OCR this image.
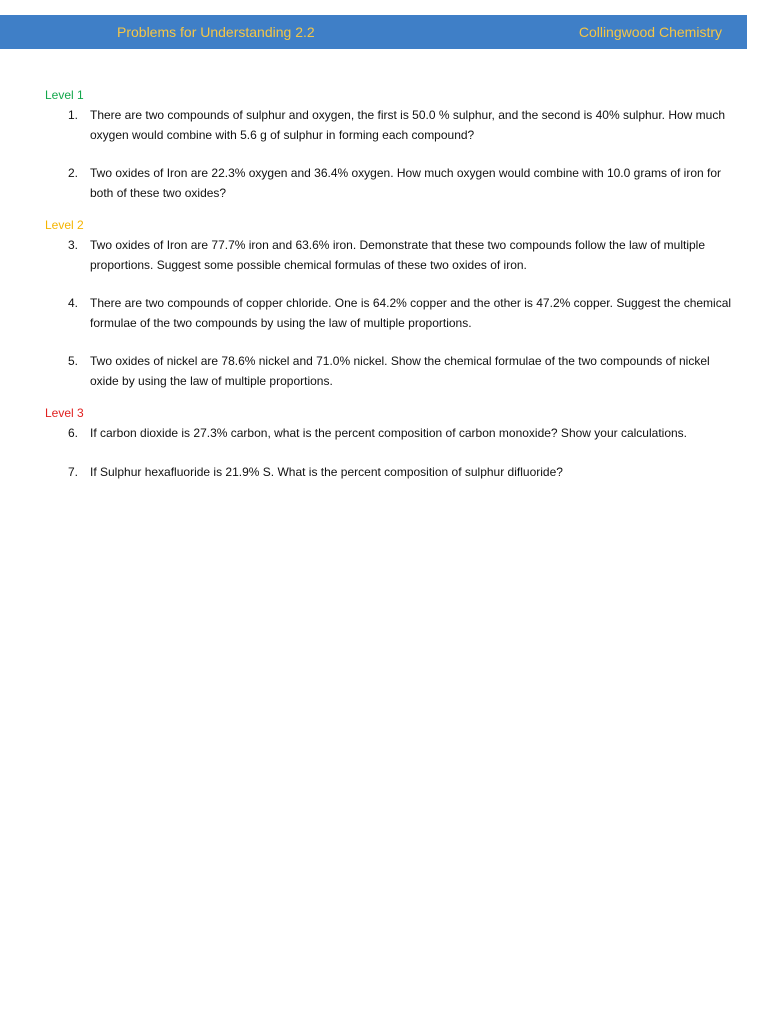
Problems for Understanding 2.2	Collingwood Chemistry

Level 1

1. There are two compounds of sulphur and oxygen, the first is 50.0 % sulphur, and the second is 40% sulphur. How much oxygen would combine with 5.6 g of sulphur in forming each compound?
2. Two oxides of Iron are 22.3% oxygen and 36.4% oxygen. How much oxygen would combine with 10.0 grams of iron for both of these two oxides?

Level 2

3. Two oxides of Iron are 77.7% iron and 63.6% iron. Demonstrate that these two compounds follow the law of multiple proportions. Suggest some possible chemical formulas of these two oxides of iron.
4. There are two compounds of copper chloride. One is 64.2% copper and the other is 47.2% copper. Suggest the chemical formulae of the two compounds by using the law of multiple proportions.
5. Two oxides of nickel are 78.6% nickel and 71.0% nickel. Show the chemical formulae of the two compounds of nickel oxide by using the law of multiple proportions.

Level 3

6. If carbon dioxide is 27.3% carbon, what is the percent composition of carbon monoxide? Show your calculations.
7. If Sulphur hexafluoride is 21.9% S. What is the percent composition of sulphur difluoride?
